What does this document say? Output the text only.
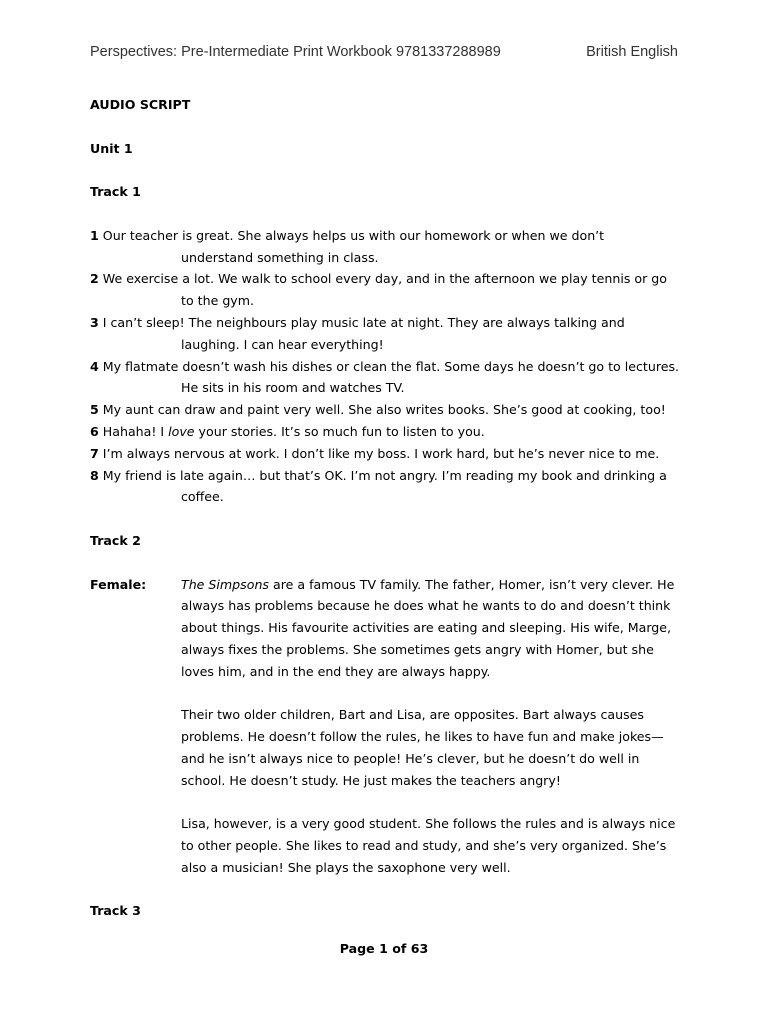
Perspectives: Pre-Intermediate Print Workbook 9781337288989	British English
AUDIO SCRIPT
Unit 1
Track 1
1 Our teacher is great. She always helps us with our homework or when we don’t understand something in class.
2 We exercise a lot. We walk to school every day, and in the afternoon we play tennis or go to the gym.
3 I can’t sleep! The neighbours play music late at night. They are always talking and laughing. I can hear everything!
4 My flatmate doesn’t wash his dishes or clean the flat. Some days he doesn’t go to lectures. He sits in his room and watches TV.
5 My aunt can draw and paint very well. She also writes books. She’s good at cooking, too!
6 Hahaha! I love your stories. It’s so much fun to listen to you.
7 I’m always nervous at work. I don’t like my boss. I work hard, but he’s never nice to me.
8 My friend is late again… but that’s OK. I’m not angry. I’m reading my book and drinking a coffee.
Track 2
Female:	The Simpsons are a famous TV family. The father, Homer, isn’t very clever. He always has problems because he does what he wants to do and doesn’t think about things. His favourite activities are eating and sleeping. His wife, Marge, always fixes the problems. She sometimes gets angry with Homer, but she loves him, and in the end they are always happy.

Their two older children, Bart and Lisa, are opposites. Bart always causes problems. He doesn’t follow the rules, he likes to have fun and make jokes—and he isn’t always nice to people! He’s clever, but he doesn’t do well in school. He doesn’t study. He just makes the teachers angry!

Lisa, however, is a very good student. She follows the rules and is always nice to other people. She likes to read and study, and she’s very organized. She’s also a musician! She plays the saxophone very well.

Track 3
Page 1 of 63
